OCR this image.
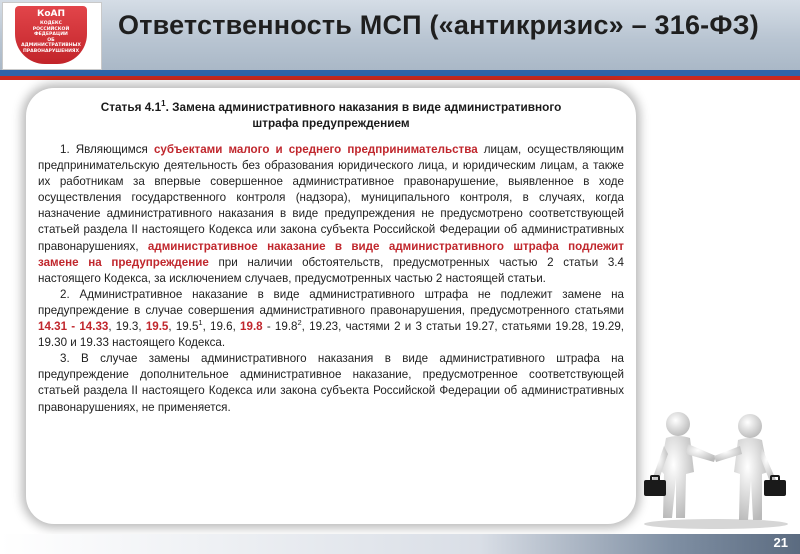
Ответственность МСП («антикризис» – 316-ФЗ)
КоАП
КОДЕКС
РОССИЙСКОЙ ФЕДЕРАЦИИ
ОБ АДМИНИСТРАТИВНЫХ
ПРАВОНАРУШЕНИЯХ
Статья $4.1^1$. Замена административного наказания в виде административного
штрафа предупреждением

1. Являющимся субъектами малого и среднего предпринимательства лицам, осуществляющим предпринимательскую деятельность без образования юридического лица, и юридическим лицам, а также их работникам за впервые совершенное административное правонарушение, выявленное в ходе осуществления государственного контроля (надзора), муниципального контроля, в случаях, когда назначение административного наказания в виде предупреждения не предусмотрено соответствующей статьей раздела II настоящего Кодекса или закона субъекта Российской Федерации об административных правонарушениях, административное наказание в виде административного штрафа подлежит замене на предупреждение при наличии обстоятельств, предусмотренных частью 2 статьи 3.4 настоящего Кодекса, за исключением случаев, предусмотренных частью 2 настоящей статьи.

2. Административное наказание в виде административного штрафа не подлежит замене на предупреждение в случае совершения административного правонарушения, предусмотренного статьями 14.31 - 14.33, 19.3, 19.5, 19.5$^1$, 19.6, 19.8 - 19.8$^2$, 19.23, частями 2 и 3 статьи 19.27, статьями 19.28, 19.29, 19.30 и 19.33 настоящего Кодекса.

3. В случае замены административного наказания в виде административного штрафа на предупреждение дополнительное административное наказание, предусмотренное соответствующей статьей раздела II настоящего Кодекса или закона субъекта Российской Федерации об административных правонарушениях, не применяется.

21
